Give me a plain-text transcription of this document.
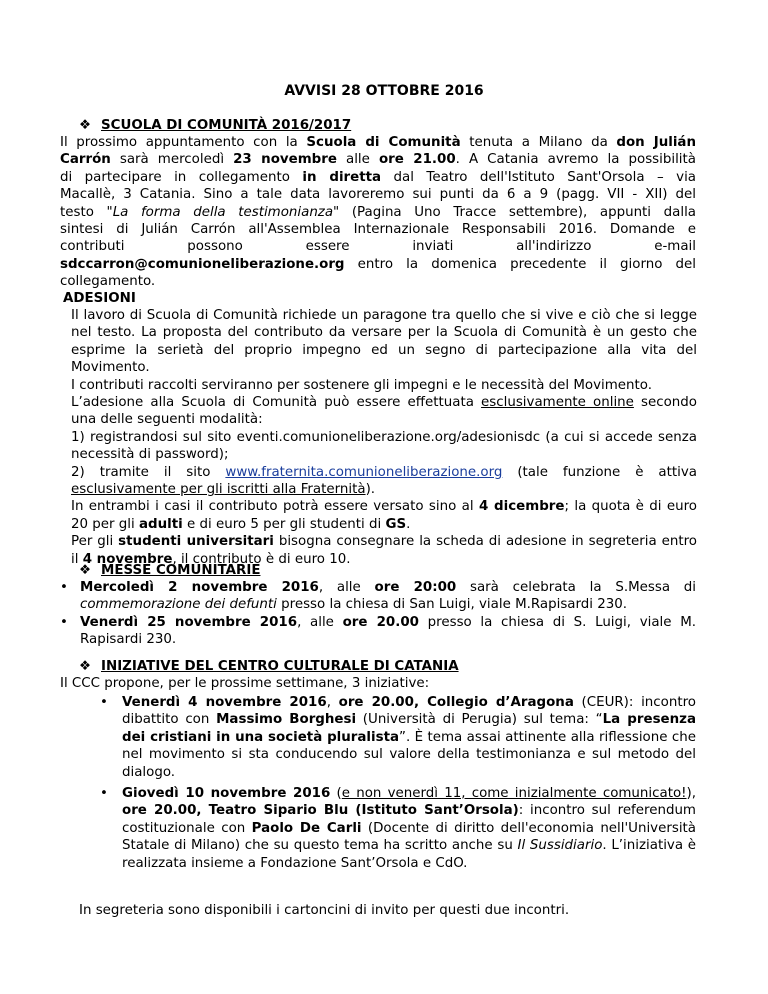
AVVISI 28 OTTOBRE 2016
❖ SCUOLA DI COMUNITÀ 2016/2017
Il prossimo appuntamento con la Scuola di Comunità tenuta a Milano da don Julián
Carrón sarà mercoledì 23 novembre alle ore 21.00. A Catania avremo la possibilità
di partecipare in collegamento in diretta dal Teatro dell'Istituto Sant'Orsola – via
Macallè, 3 Catania. Sino a tale data lavoreremo sui punti da 6 a 9 (pagg. VII - XII) del
testo "La forma della testimonianza" (Pagina Uno Tracce settembre), appunti dalla
sintesi di Julián Carrón all'Assemblea Internazionale Responsabili 2016. Domande e
contributi possono essere inviati all'indirizzo e-mail
sdccarron@comunioneliberazione.org entro la domenica precedente il giorno del
collegamento.
ADESIONI

Il lavoro di Scuola di Comunità richiede un paragone tra quello che si vive e ciò che si legge nel testo. La proposta del contributo da versare per la Scuola di Comunità è un gesto che esprime la serietà del proprio impegno ed un segno di partecipazione alla vita del Movimento.

I contributi raccolti serviranno per sostenere gli impegni e le necessità del Movimento.

L’adesione alla Scuola di Comunità può essere effettuata esclusivamente online secondo una delle seguenti modalità:

1) registrandosi sul sito eventi.comunioneliberazione.org/adesionisdc (a cui si accede senza necessità di password);

2) tramite il sito www.fraternita.comunioneliberazione.org (tale funzione è attiva esclusivamente per gli iscritti alla Fraternità).

In entrambi i casi il contributo potrà essere versato sino al 4 dicembre; la quota è di euro 20 per gli adulti e di euro 5 per gli studenti di GS.

Per gli studenti universitari bisogna consegnare la scheda di adesione in segreteria entro il 4 novembre, il contributo è di euro 10.

❖ MESSE COMUNITARIE
• Mercoledì 2 novembre 2016, alle ore 20:00 sarà celebrata la S.Messa di commemorazione dei defunti presso la chiesa di San Luigi, viale M.Rapisardi 230.
• Venerdì 25 novembre 2016, alle ore 20.00 presso la chiesa di S. Luigi, viale M. Rapisardi 230.
❖ INIZIATIVE DEL CENTRO CULTURALE DI CATANIA
Il CCC propone, per le prossime settimane, 3 iniziative:
• Venerdì 4 novembre 2016, ore 20.00, Collegio d’Aragona (CEUR): incontro dibattito con Massimo Borghesi (Università di Perugia) sul tema: “La presenza dei cristiani in una società pluralista”. È tema assai attinente alla riflessione che nel movimento si sta conducendo sul valore della testimonianza e sul metodo del dialogo.
• Giovedì 10 novembre 2016 (e non venerdì 11, come inizialmente comunicato!), ore 20.00, Teatro Sipario Blu (Istituto Sant’Orsola): incontro sul referendum costituzionale con Paolo De Carli (Docente di diritto dell'economia nell'Università Statale di Milano) che su questo tema ha scritto anche su Il Sussidiario. L’iniziativa è realizzata insieme a Fondazione Sant’Orsola e CdO.
In segreteria sono disponibili i cartoncini di invito per questi due incontri.
